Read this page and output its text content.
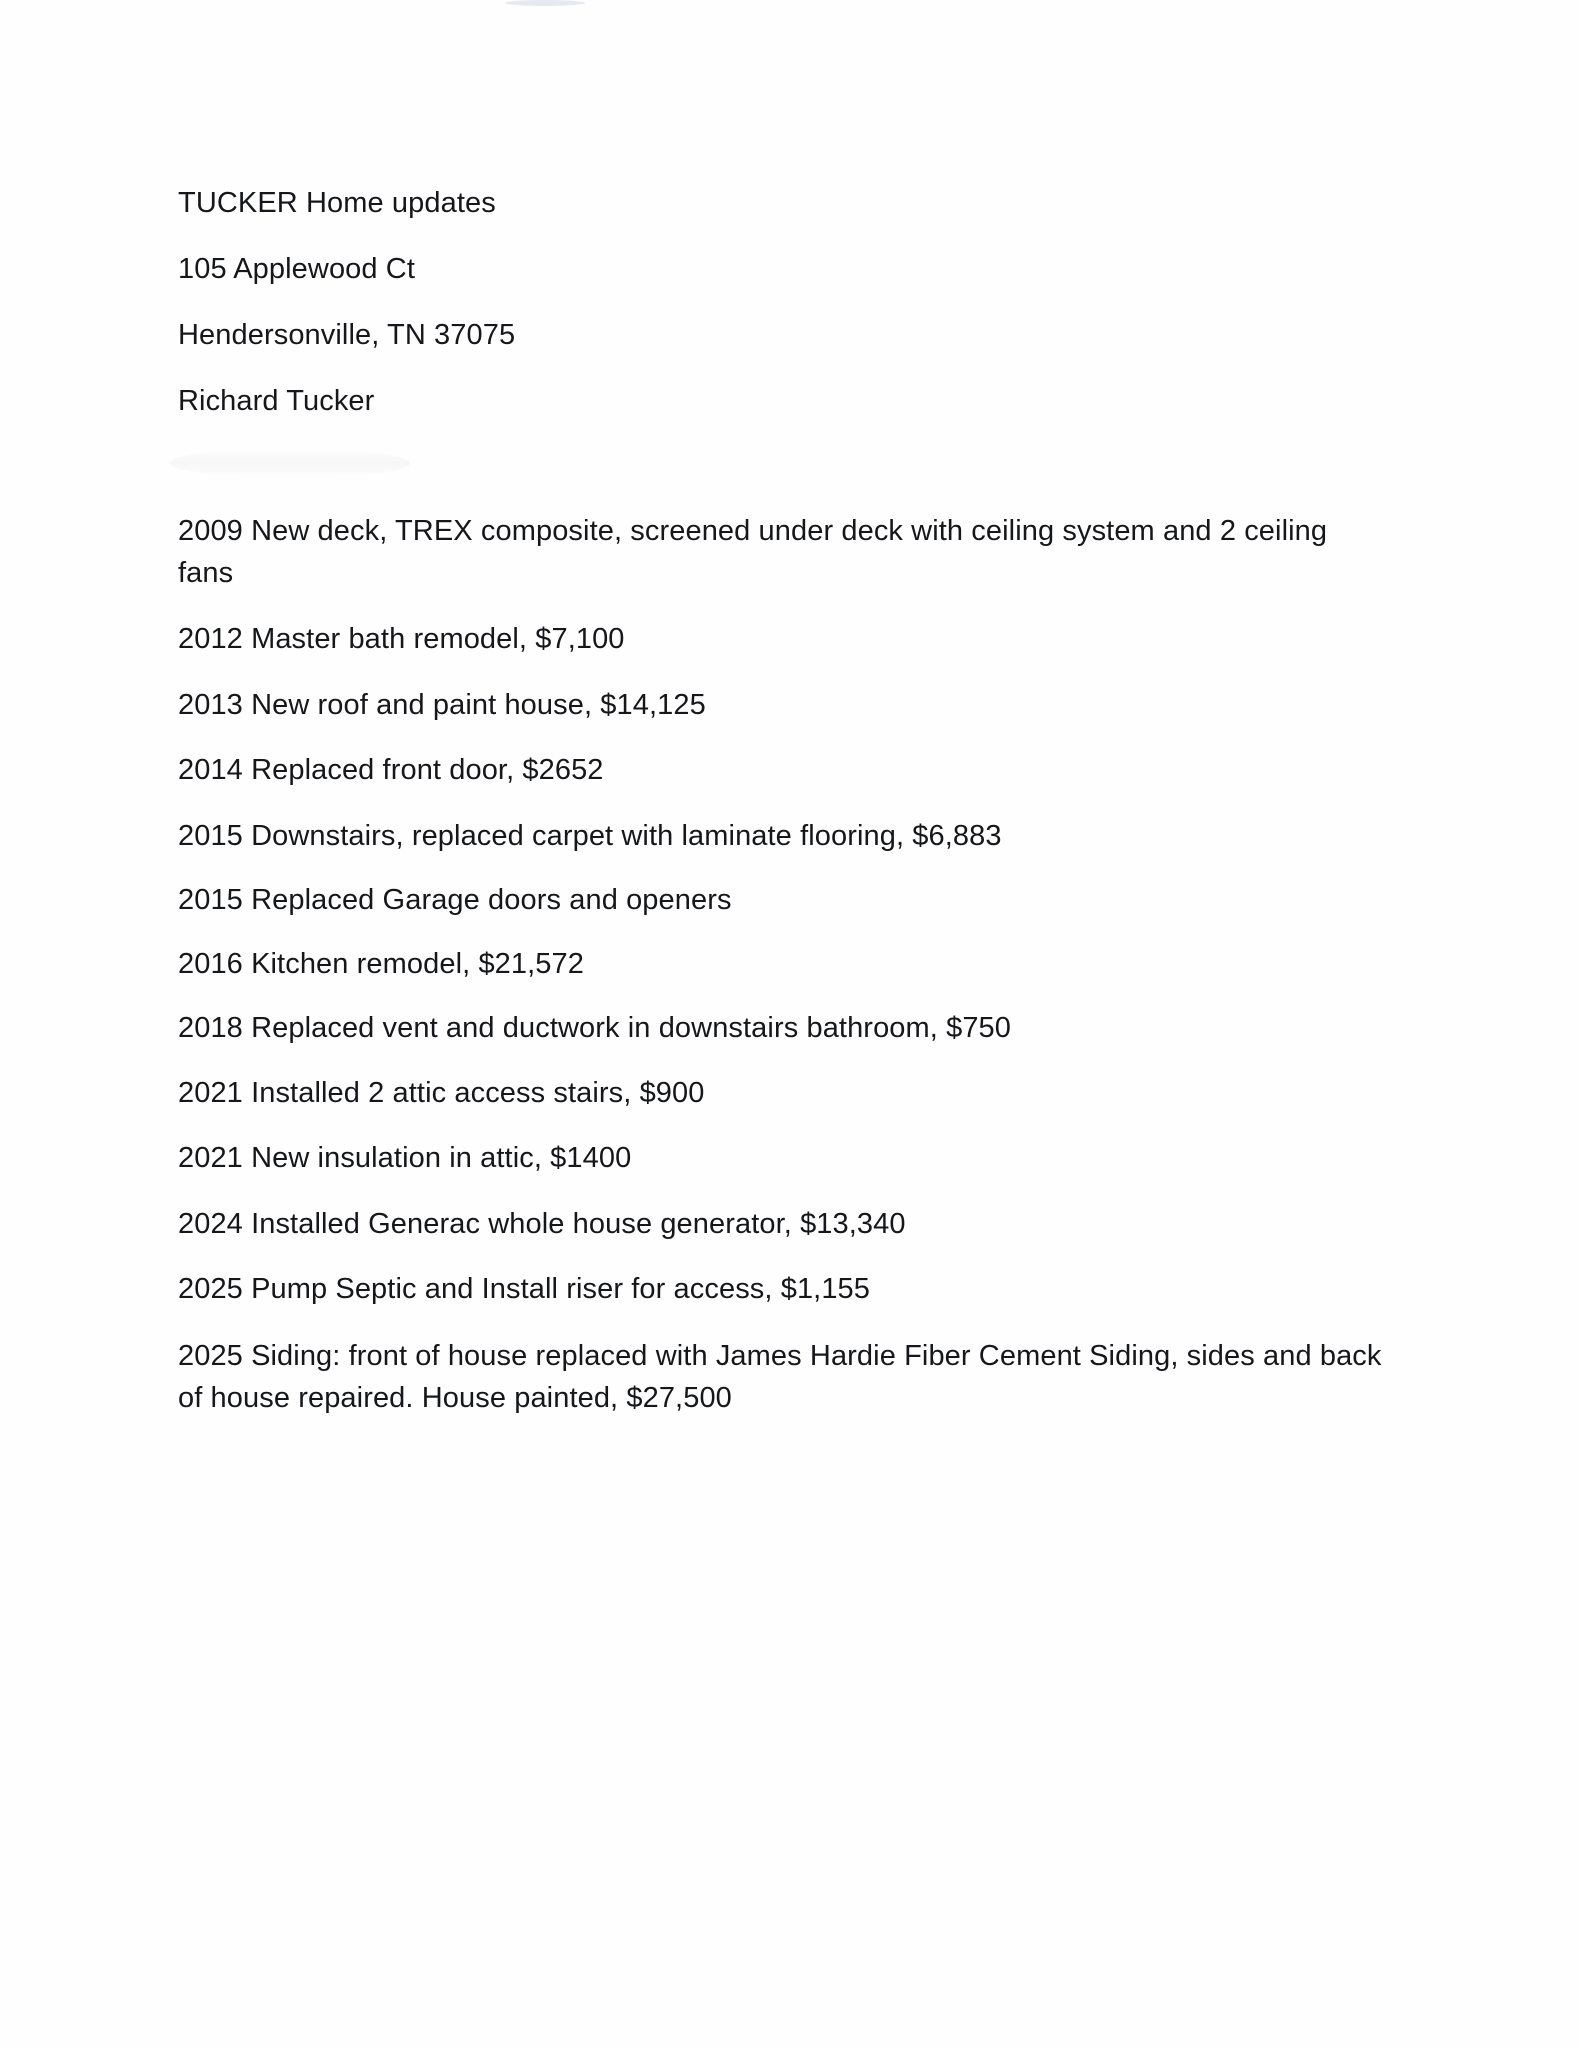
TUCKER Home updates

105 Applewood Ct

Hendersonville, TN 37075

Richard Tucker

2009 New deck, TREX composite, screened under deck with ceiling system and 2 ceiling fans

2012 Master bath remodel, $7,100

2013 New roof and paint house, $14,125

2014 Replaced front door, $2652

2015 Downstairs, replaced carpet with laminate flooring, $6,883

2015 Replaced Garage doors and openers

2016 Kitchen remodel, $21,572

2018 Replaced vent and ductwork in downstairs bathroom, $750

2021 Installed 2 attic access stairs, $900

2021 New insulation in attic, $1400

2024 Installed Generac whole house generator, $13,340

2025 Pump Septic and Install riser for access, $1,155

2025 Siding: front of house replaced with James Hardie Fiber Cement Siding, sides and back of house repaired. House painted, $27,500
